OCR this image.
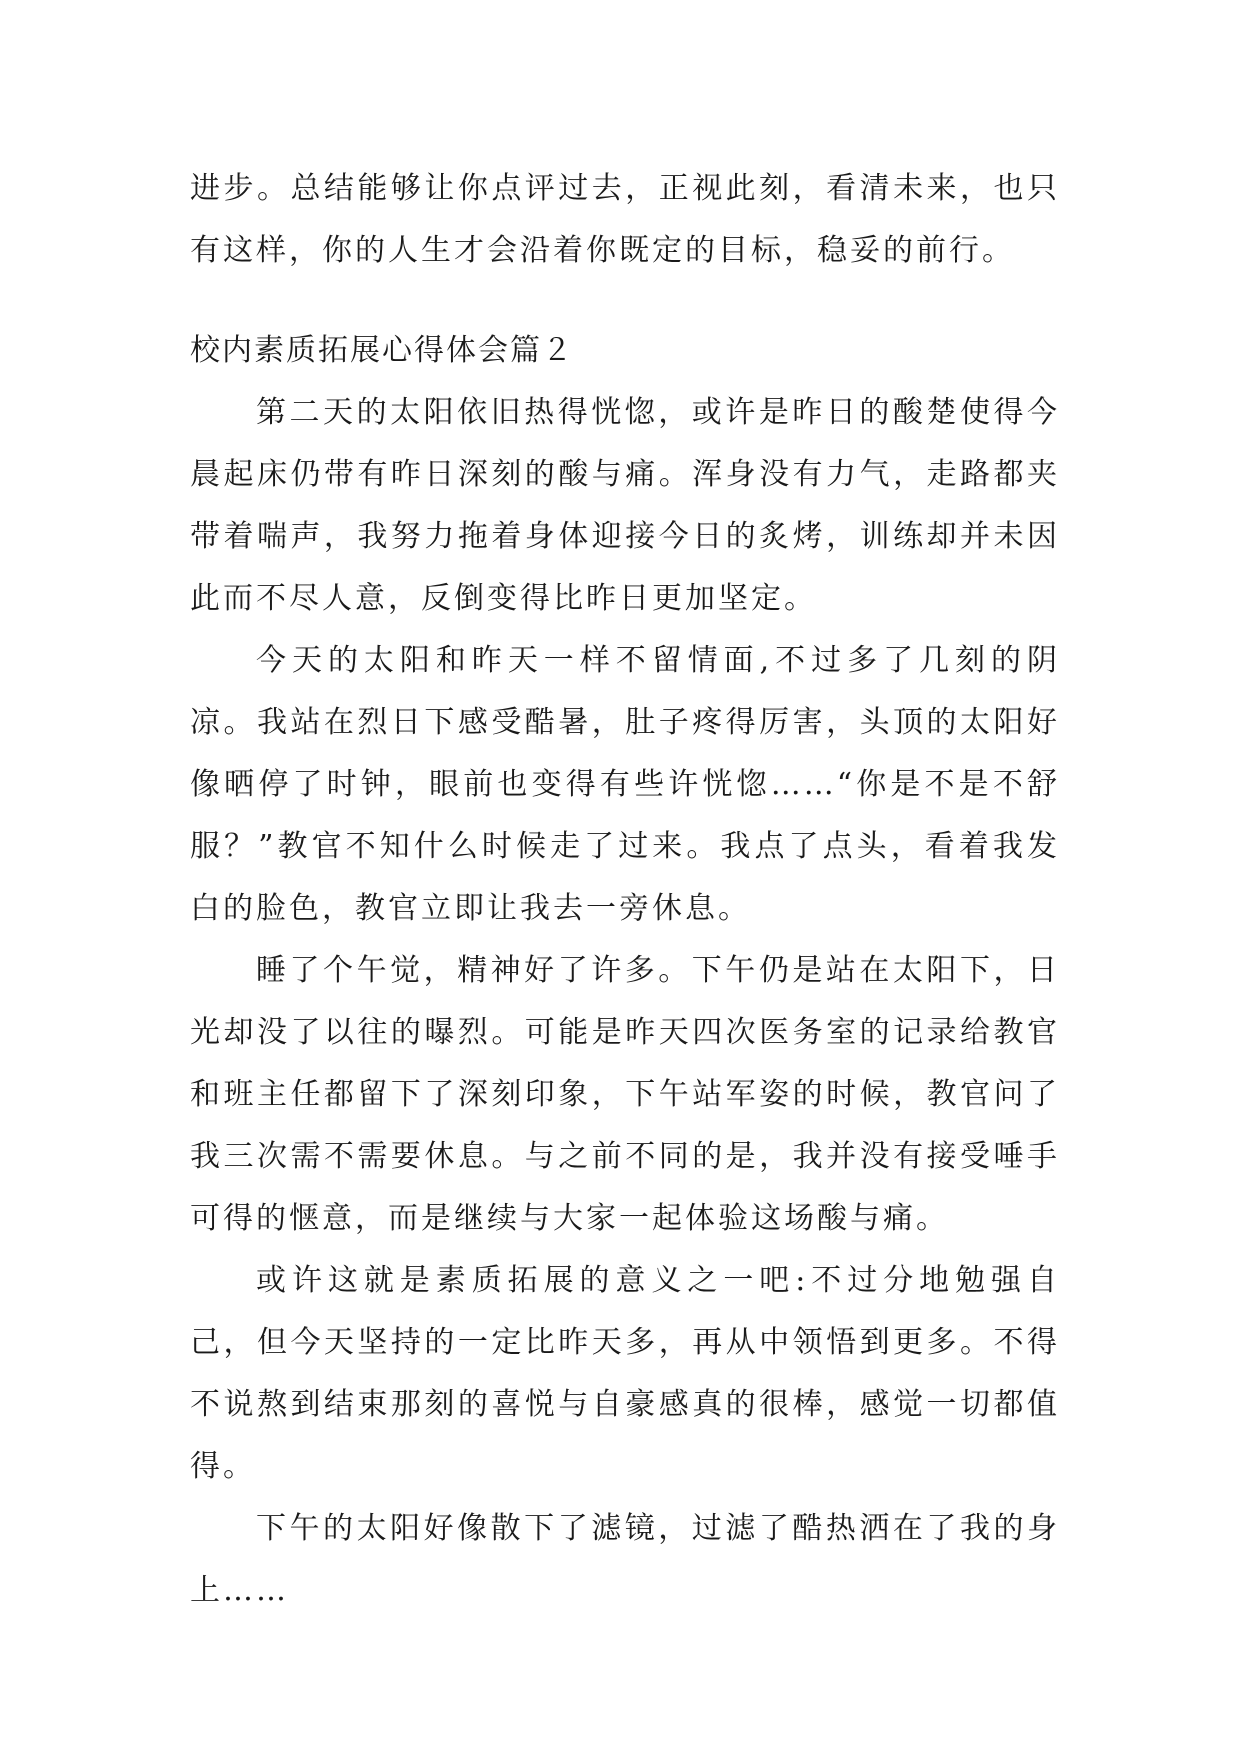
进步。总结能够让你点评过去，正视此刻，看清未来，也只有这样，你的人生才会沿着你既定的目标，稳妥的前行。

校内素质拓展心得体会篇２

第二天的太阳依旧热得恍惚，或许是昨日的酸楚使得今晨起床仍带有昨日深刻的酸与痛。浑身没有力气，走路都夹带着喘声，我努力拖着身体迎接今日的炙烤，训练却并未因此而不尽人意，反倒变得比昨日更加坚定。

今天的太阳和昨天一样不留情面,不过多了几刻的阴凉。我站在烈日下感受酷暑，肚子疼得厉害，头顶的太阳好像晒停了时钟，眼前也变得有些许恍惚……“你是不是不舒服？”教官不知什么时候走了过来。我点了点头，看着我发白的脸色，教官立即让我去一旁休息。

睡了个午觉，精神好了许多。下午仍是站在太阳下，日光却没了以往的曝烈。可能是昨天四次医务室的记录给教官和班主任都留下了深刻印象，下午站军姿的时候，教官问了我三次需不需要休息。与之前不同的是，我并没有接受唾手可得的惬意，而是继续与大家一起体验这场酸与痛。

或许这就是素质拓展的意义之一吧:不过分地勉强自己，但今天坚持的一定比昨天多，再从中领悟到更多。不得不说熬到结束那刻的喜悦与自豪感真的很棒，感觉一切都值得。

下午的太阳好像散下了滤镜，过滤了酷热洒在了我的身上……
